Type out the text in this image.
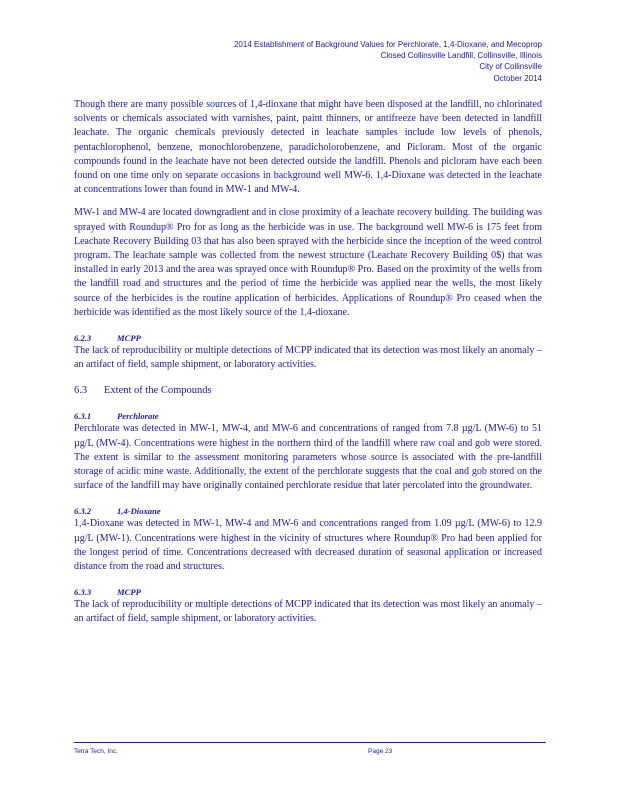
2014 Establishment of Background Values for Perchlorate, 1,4-Dioxane, and Mecoprop
Closed Collinsville Landfill, Collinsville, Illinois
City of Collinsville
October 2014

Though there are many possible sources of 1,4-dioxane that might have been disposed at the landfill, no chlorinated solvents or chemicals associated with varnishes, paint, paint thinners, or antifreeze have been detected in landfill leachate. The organic chemicals previously detected in leachate samples include low levels of phenols, pentachlorophenol, benzene, monochlorobenzene, paradicholorobenzene, and Picloram. Most of the organic compounds found in the leachate have not been detected outside the landfill. Phenols and picloram have each been found on one time only on separate occasions in background well MW-6. 1,4-Dioxane was detected in the leachate at concentrations lower than found in MW-1 and MW-4.

MW-1 and MW-4 are located downgradient and in close proximity of a leachate recovery building. The building was sprayed with Roundup® Pro for as long as the herbicide was in use. The background well MW-6 is 175 feet from Leachate Recovery Building 03 that has also been sprayed with the herbicide since the inception of the weed control program. The leachate sample was collected from the newest structure (Leachate Recovery Building 0$) that was installed in early 2013 and the area was sprayed once with Roundup® Pro. Based on the proximity of the wells from the landfill road and structures and the period of time the herbicide was applied near the wells, the most likely source of the herbicides is the routine application of herbicides. Applications of Roundup® Pro ceased when the herbicide was identified as the most likely source of the 1,4-dioxane.

6.2.3	MCPP

The lack of reproducibility or multiple detections of MCPP indicated that its detection was most likely an anomaly – an artifact of field, sample shipment, or laboratory activities.

6.3 Extent of the Compounds
6.3.1	Perchlorate

Perchlorate was detected in MW-1, MW-4, and MW-6 and concentrations of ranged from 7.8 µg/L (MW-6) to 51 µg/L (MW-4). Concentrations were highest in the northern third of the landfill where raw coal and gob were stored. The extent is similar to the assessment monitoring parameters whose source is associated with the pre-landfill storage of acidic mine waste. Additionally, the extent of the perchlorate suggests that the coal and gob stored on the surface of the landfill may have originally contained perchlorate residue that later percolated into the groundwater.

6.3.2	1,4-Dioxane

1,4-Dioxane was detected in MW-1, MW-4 and MW-6 and concentrations ranged from 1.09 µg/L (MW-6) to 12.9 µg/L (MW-1). Concentrations were highest in the vicinity of structures where Roundup® Pro had been applied for the longest period of time. Concentrations decreased with decreased duration of seasonal application or increased distance from the road and structures.

6.3.3	MCPP

The lack of reproducibility or multiple detections of MCPP indicated that its detection was most likely an anomaly – an artifact of field, sample shipment, or laboratory activities.

Tetra Tech, Inc.	Page 23
